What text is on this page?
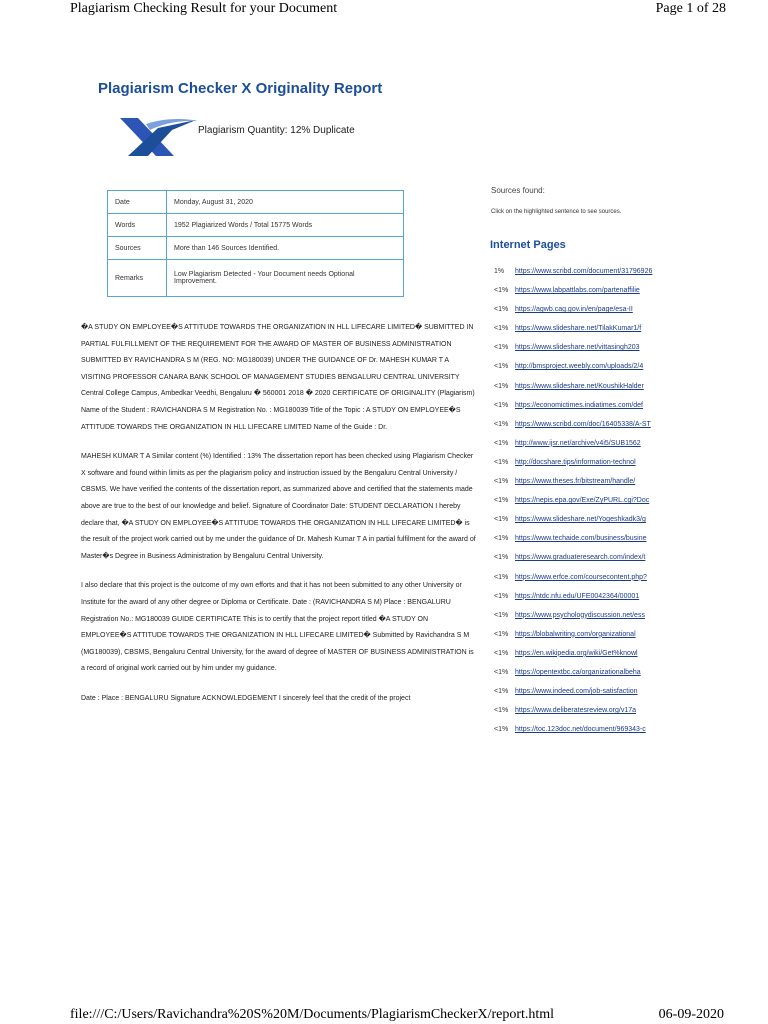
Plagiarism Checking Result for your Document	Page 1 of 28
Plagiarism Checker X Originality Report
Plagiarism Quantity: 12% Duplicate
Date	Monday, August 31, 2020
Words	1952 Plagiarized Words / Total 15775 Words
Sources	More than 146 Sources Identified.
Remarks	Low Plagiarism Detected - Your Document needs Optional Improvement.

�A STUDY ON EMPLOYEE�S ATTITUDE TOWARDS THE ORGANIZATION IN HLL LIFECARE LIMITED� SUBMITTED IN PARTIAL FULFILLMENT OF THE REQUIREMENT FOR THE AWARD OF MASTER OF BUSINESS ADMINISTRATION SUBMITTED BY RAVICHANDRA S M (REG. NO: MG180039) UNDER THE GUIDANCE OF Dr. MAHESH KUMAR T A VISITING PROFESSOR CANARA BANK SCHOOL OF MANAGEMENT STUDIES BENGALURU CENTRAL UNIVERSITY Central College Campus, Ambedkar Veedhi, Bengaluru � 560001 2018 � 2020 CERTIFICATE OF ORIGINALITY (Plagiarism) Name of the Student : RAVICHANDRA S M Registration No. : MG180039 Title of the Topic : A STUDY ON EMPLOYEE�S ATTITUDE TOWARDS THE ORGANIZATION IN HLL LIFECARE LIMITED Name of the Guide : Dr.

MAHESH KUMAR T A Similar content (%) Identified : 13% The dissertation report has been checked using Plagiarism Checker X software and found within limits as per the plagiarism policy and instruction issued by the Bengaluru Central University / CBSMS. We have verified the contents of the dissertation report, as summarized above and certified that the statements made above are true to the best of our knowledge and belief. Signature of Coordinator Date: STUDENT DECLARATION I hereby declare that, �A STUDY ON EMPLOYEE�S ATTITUDE TOWARDS THE ORGANIZATION IN HLL LIFECARE LIMITED� is the result of the project work carried out by me under the guidance of Dr. Mahesh Kumar T A in partial fulfilment for the award of Master�s Degree in Business Administration by Bengaluru Central University.

I also declare that this project is the outcome of my own efforts and that it has not been submitted to any other University or Institute for the award of any other degree or Diploma or Certificate. Date : (RAVICHANDRA S M) Place : BENGALURU Registration No.: MG180039 GUIDE CERTIFICATE This is to certify that the project report titled �A STUDY ON EMPLOYEE�S ATTITUDE TOWARDS THE ORGANIZATION IN HLL LIFECARE LIMITED� Submitted by Ravichandra S M (MG180039), CBSMS, Bengaluru Central University, for the award of degree of MASTER OF BUSINESS ADMINISTRATION is a record of original work carried out by him under my guidance.

Date : Place : BENGALURU Signature ACKNOWLEDGEMENT I sincerely feel that the credit of the project

Sources found:
Click on the highlighted sentence to see sources.
Internet Pages
1% https://www.scribd.com/document/31796926
<1% https://www.labpattlabs.com/partenaffilie
<1% https://agwb.cag.gov.in/en/page/esa-II
<1% https://www.slideshare.net/TilakKumar1/f
<1% https://www.slideshare.net/vittasingh203
<1% http://bmsproject.weebly.com/uploads/2/4
<1% https://www.slideshare.net/KoushikHalder
<1% https://economictimes.indiatimes.com/def
<1% https://www.scribd.com/doc/16405338/A-ST
<1% http://www.ijsr.net/archive/v4i5/SUB1562
<1% http://docshare.tips/information-technol
<1% https://www.theses.fr/bitstream/handle/
<1% https://nepis.epa.gov/Exe/ZyPURL.cgi?Doc
<1% https://www.slideshare.net/Yogeshkadk3/g
<1% https://www.techaide.com/business/busine
<1% https://www.graduateresearch.com/index/t
<1% https://www.erfce.com/coursecontent.php?
<1% https://ntdc.nfu.edu/UFE0042364/00001
<1% https://www.psychologydiscussion.net/ess
<1% https://blobalwriting.com/organizational
<1% https://en.wikipedia.org/wiki/Get%knowl
<1% https://opentextbc.ca/organizationalbeha
<1% https://www.indeed.com/job-satisfaction
<1% https://www.deliberatesreview.org/v17a
<1% https://toc.123doc.net/document/969343-c
file:///C:/Users/Ravichandra%20S%20M/Documents/PlagiarismCheckerX/report.html	06-09-2020
